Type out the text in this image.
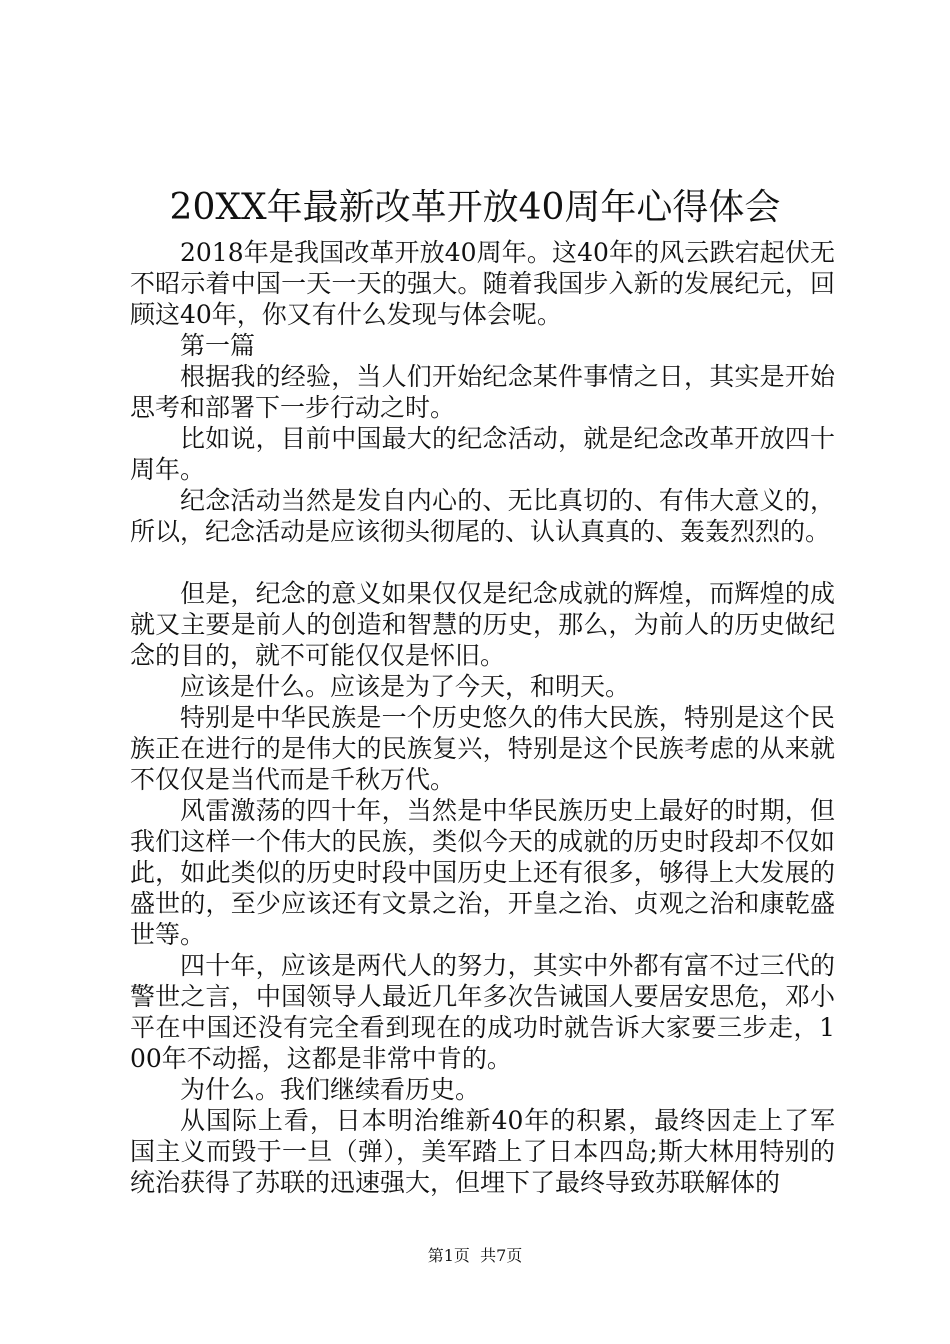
20XX年最新改革开放40周年心得体会

2018年是我国改革开放40周年。这40年的风云跌宕起伏无不昭示着中国一天一天的强大。随着我国步入新的发展纪元，回顾这40年，你又有什么发现与体会呢。

第一篇

根据我的经验，当人们开始纪念某件事情之日，其实是开始思考和部署下一步行动之时。

比如说，目前中国最大的纪念活动，就是纪念改革开放四十周年。

纪念活动当然是发自内心的、无比真切的、有伟大意义的，所以，纪念活动是应该彻头彻尾的、认认真真的、轰轰烈烈的。

但是，纪念的意义如果仅仅是纪念成就的辉煌，而辉煌的成就又主要是前人的创造和智慧的历史，那么，为前人的历史做纪念的目的，就不可能仅仅是怀旧。

应该是什么。应该是为了今天，和明天。

特别是中华民族是一个历史悠久的伟大民族，特别是这个民族正在进行的是伟大的民族复兴，特别是这个民族考虑的从来就不仅仅是当代而是千秋万代。

风雷激荡的四十年，当然是中华民族历史上最好的时期，但我们这样一个伟大的民族，类似今天的成就的历史时段却不仅如此，如此类似的历史时段中国历史上还有很多，够得上大发展的盛世的，至少应该还有文景之治，开皇之治、贞观之治和康乾盛世等。

四十年，应该是两代人的努力，其实中外都有富不过三代的警世之言，中国领导人最近几年多次告诫国人要居安思危，邓小平在中国还没有完全看到现在的成功时就告诉大家要三步走，100年不动摇，这都是非常中肯的。

为什么。我们继续看历史。

从国际上看，日本明治维新40年的积累，最终因走上了军国主义而毁于一旦（弹），美军踏上了日本四岛;斯大林用特别的统治获得了苏联的迅速强大，但埋下了最终导致苏联解体的

第1页 共7页
